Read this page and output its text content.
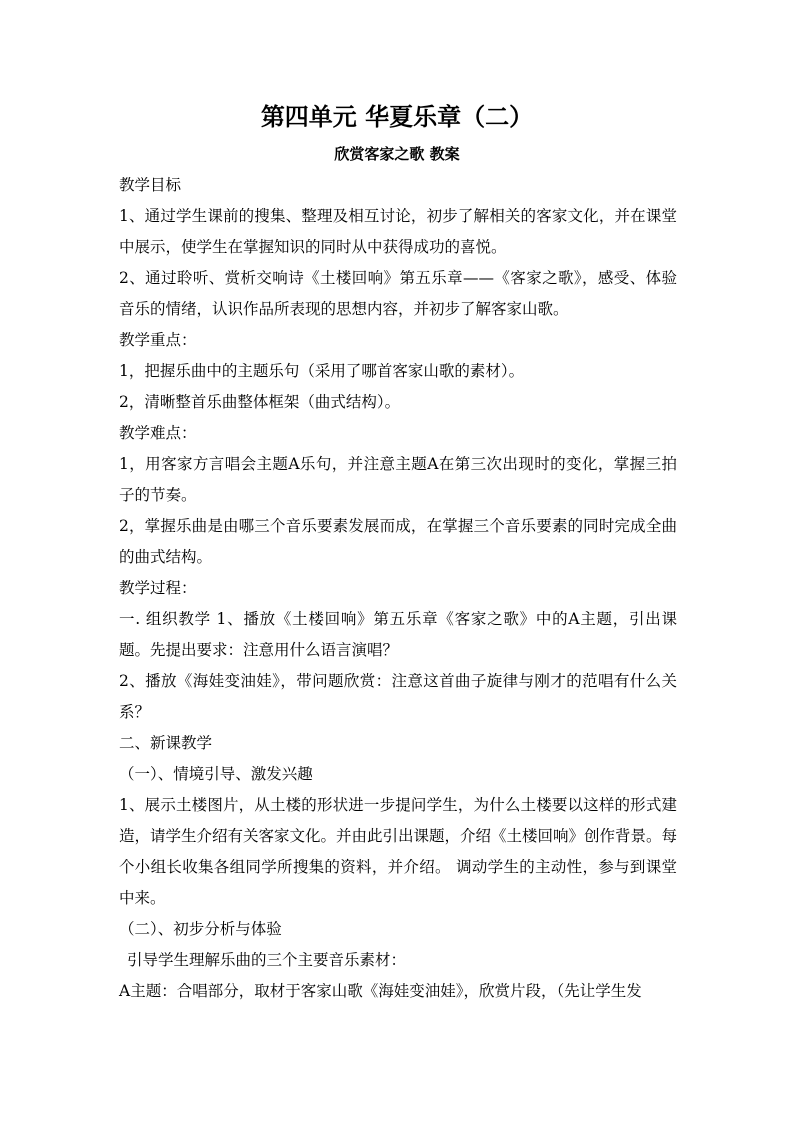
第四单元 华夏乐章（二）
欣赏客家之歌 教案

教学目标

1、通过学生课前的搜集、整理及相互讨论，初步了解相关的客家文化，并在课堂中展示，使学生在掌握知识的同时从中获得成功的喜悦。

2、通过聆听、赏析交响诗《土楼回响》第五乐章——《客家之歌》，感受、体验音乐的情绪，认识作品所表现的思想内容，并初步了解客家山歌。

教学重点：

1，把握乐曲中的主题乐句（采用了哪首客家山歌的素材）。

2，清晰整首乐曲整体框架（曲式结构）。

教学难点：

1，用客家方言唱会主题A乐句，并注意主题A在第三次出现时的变化，掌握三拍子的节奏。

2，掌握乐曲是由哪三个音乐要素发展而成，在掌握三个音乐要素的同时完成全曲的曲式结构。

教学过程：

一. 组织教学 1、播放《土楼回响》第五乐章《客家之歌》中的A主题，引出课题。先提出要求：注意用什么语言演唱？

2、播放《海娃变油娃》，带问题欣赏：注意这首曲子旋律与刚才的范唱有什么关系？

二、新课教学

（一）、情境引导、激发兴趣

1、展示土楼图片，从土楼的形状进一步提问学生，为什么土楼要以这样的形式建造，请学生介绍有关客家文化。并由此引出课题，介绍《土楼回响》创作背景。每个小组长收集各组同学所搜集的资料，并介绍。 调动学生的主动性，参与到课堂中来。

（二）、初步分析与体验

引导学生理解乐曲的三个主要音乐素材：

A主题：合唱部分，取材于客家山歌《海娃变油娃》，欣赏片段，（先让学生发
